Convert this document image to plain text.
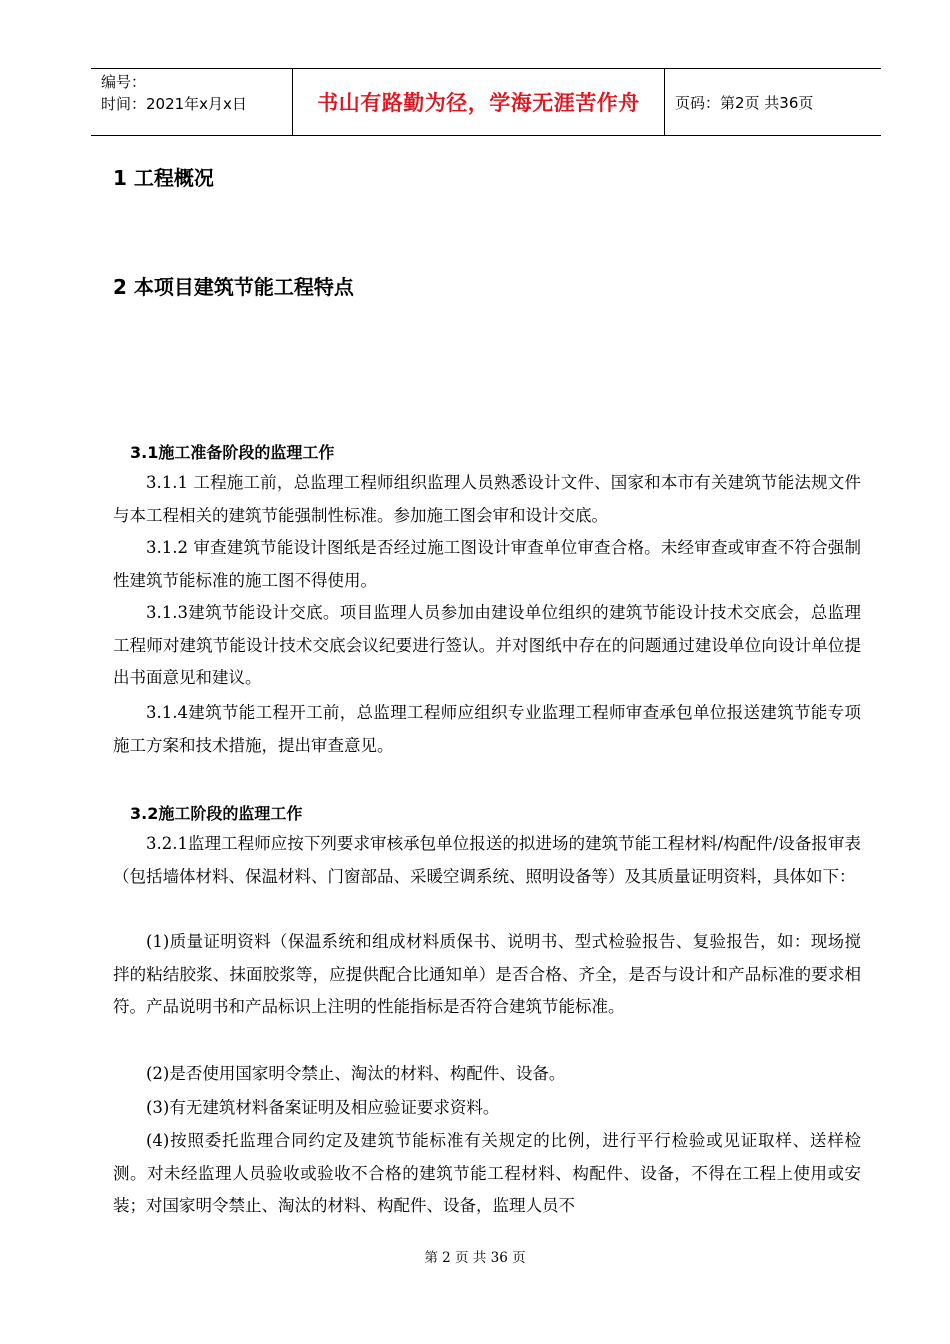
编号：
时间：2021年x月x日	书山有路勤为径，学海无涯苦作舟 页码：第2页 共36页
1 工程概况
2 本项目建筑节能工程特点
3.1施工准备阶段的监理工作

3.1.1 工程施工前，总监理工程师组织监理人员熟悉设计文件、国家和本市有关建筑节能法规文件与本工程相关的建筑节能强制性标准。参加施工图会审和设计交底。

3.1.2 审查建筑节能设计图纸是否经过施工图设计审查单位审查合格。未经审查或审查不符合强制性建筑节能标准的施工图不得使用。

3.1.3建筑节能设计交底。项目监理人员参加由建设单位组织的建筑节能设计技术交底会，总监理工程师对建筑节能设计技术交底会议纪要进行签认。并对图纸中存在的问题通过建设单位向设计单位提出书面意见和建议。

3.1.4建筑节能工程开工前，总监理工程师应组织专业监理工程师审查承包单位报送建筑节能专项施工方案和技术措施，提出审查意见。

3.2施工阶段的监理工作

3.2.1监理工程师应按下列要求审核承包单位报送的拟进场的建筑节能工程材料/构配件/设备报审表（包括墙体材料、保温材料、门窗部品、采暖空调系统、照明设备等）及其质量证明资料，具体如下：

(1)质量证明资料（保温系统和组成材料质保书、说明书、型式检验报告、复验报告，如：现场搅拌的粘结胶浆、抹面胶浆等，应提供配合比通知单）是否合格、齐全，是否与设计和产品标准的要求相符。产品说明书和产品标识上注明的性能指标是否符合建筑节能标准。

(2)是否使用国家明令禁止、淘汰的材料、构配件、设备。

(3)有无建筑材料备案证明及相应验证要求资料。

(4)按照委托监理合同约定及建筑节能标准有关规定的比例，进行平行检验或见证取样、送样检测。对未经监理人员验收或验收不合格的建筑节能工程材料、构配件、设备，不得在工程上使用或安装；对国家明令禁止、淘汰的材料、构配件、设备，监理人员不

第 2 页 共 36 页
